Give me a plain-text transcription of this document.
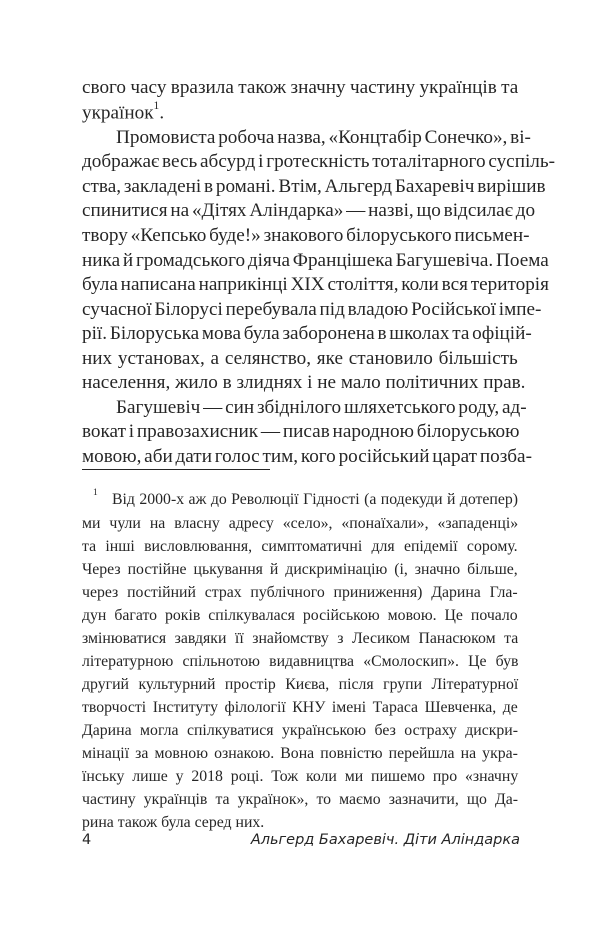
свого часу вразила також значну частину українців та
українок$^1$.
Промовиста робоча назва, «Концтабір Сонечко», ві-
дображає весь абсурд і гротескність тоталітарного суспіль-
ства, закладені в романі. Втім, Альгерд Бахаревіч вирішив
спинитися на «Дітях Аліндарка» — назві, що відсилає до
твору «Кепсько буде!» знакового білоруського письмен-
ника й громадського діяча Францішека Багушевіча. Поема
була написана наприкінці XIX століття, коли вся територія
сучасної Білорусі перебувала під владою Російської імпе-
рії. Білоруська мова була заборонена в школах та офіцій-
них установах, а селянство, яке становило більшість
населення, жило в злиднях і не мало політичних прав.
Багушевіч — син збіднілого шляхетського роду, ад-
вокат і правозахисник — писав народною білоруською
мовою, аби дати голос тим, кого російський царат позба-
$^1$ Від 2000-х аж до Революції Гідності (а подекуди й дотепер)
ми чули на власну адресу «село», «понаїхали», «западенці»
та інші висловлювання, симптоматичні для епідемії сорому.
Через постійне цькування й дискримінацію (і, значно більше,
через постійний страх публічного приниження) Дарина Гла-
дун багато років спілкувалася російською мовою. Це почало
змінюватися завдяки її знайомству з Лесиком Панасюком та
літературною спільнотою видавництва «Смолоскип». Це був
другий культурний простір Києва, після групи Літературної
творчості Інституту філології КНУ імені Тараса Шевченка, де
Дарина могла спілкуватися українською без остраху дискри-
мінації за мовною ознакою. Вона повністю перейшла на укра-
їнську лише у 2018 році. Тож коли ми пишемо про «значну
частину українців та українок», то маємо зазначити, що Да-
рина також була серед них.
4	Альгерд Бахаревіч. Діти Аліндарка
